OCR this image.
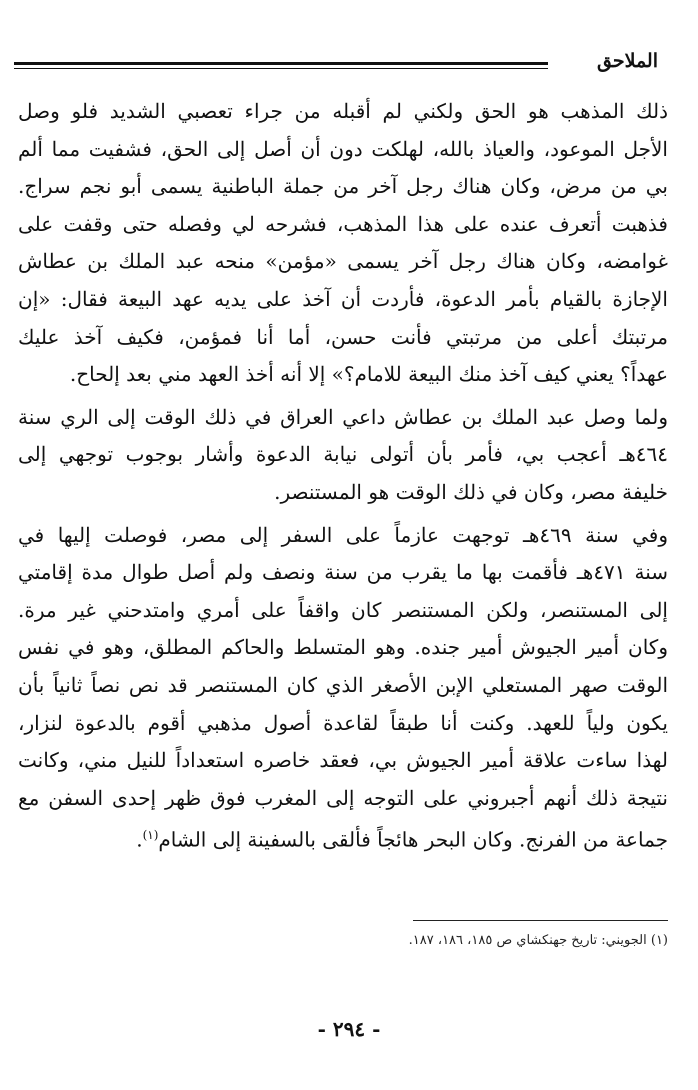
الملاحق
ذلك المذهب هو الحق ولكني لم أقبله من جراء تعصبي الشديد فلو وصل
الأجل الموعود، والعياذ بالله، لهلكت دون أن أصل إلى الحق، فشفيت مما ألم
بي من مرض، وكان هناك رجل آخر من جملة الباطنية يسمى أبو نجم سراج.
فذهبت أتعرف عنده على هذا المذهب، فشرحه لي وفصله حتى وقفت على
غوامضه، وكان هناك رجل آخر يسمى «مؤمن» منحه عبد الملك بن عطاش
الإجازة بالقيام بأمر الدعوة، فأردت أن آخذ على يديه عهد البيعة فقال: «إن
مرتبتك أعلى من مرتبتي فأنت حسن، أما أنا فمؤمن، فكيف آخذ عليك
عهداً؟ يعني كيف آخذ منك البيعة للامام؟» إلا أنه أخذ العهد مني بعد إلحاح.
ولما وصل عبد الملك بن عطاش داعي العراق في ذلك الوقت إلى الري سنة
٤٦٤هـ أعجب بي، فأمر بأن أتولى نيابة الدعوة وأشار بوجوب توجهي إلى
خليفة مصر، وكان في ذلك الوقت هو المستنصر.
وفي سنة ٤٦٩هـ توجهت عازماً على السفر إلى مصر، فوصلت إليها في
سنة ٤٧١هـ فأقمت بها ما يقرب من سنة ونصف ولم أصل طوال مدة إقامتي
إلى المستنصر، ولكن المستنصر كان واقفاً على أمري وامتدحني غير مرة.
وكان أمير الجيوش أمير جنده. وهو المتسلط والحاكم المطلق، وهو في نفس
الوقت صهر المستعلي الإبن الأصغر الذي كان المستنصر قد نص نصاً ثانياً بأن
يكون ولياً للعهد. وكنت أنا طبقاً لقاعدة أصول مذهبي أقوم بالدعوة لنزار،
لهذا ساءت علاقة أمير الجيوش بي، فعقد خاصره استعداداً للنيل مني، وكانت
نتيجة ذلك أنهم أجبروني على التوجه إلى المغرب فوق ظهر إحدى السفن مع
جماعة من الفرنج. وكان البحر هائجاً فألقى بالسفينة إلى الشام$^{(١)}$.
(١) الجويني: تاريخ جهنكشاي ص ١٨٥، ١٨٦، ١٨٧.
- ٢٩٤ -
